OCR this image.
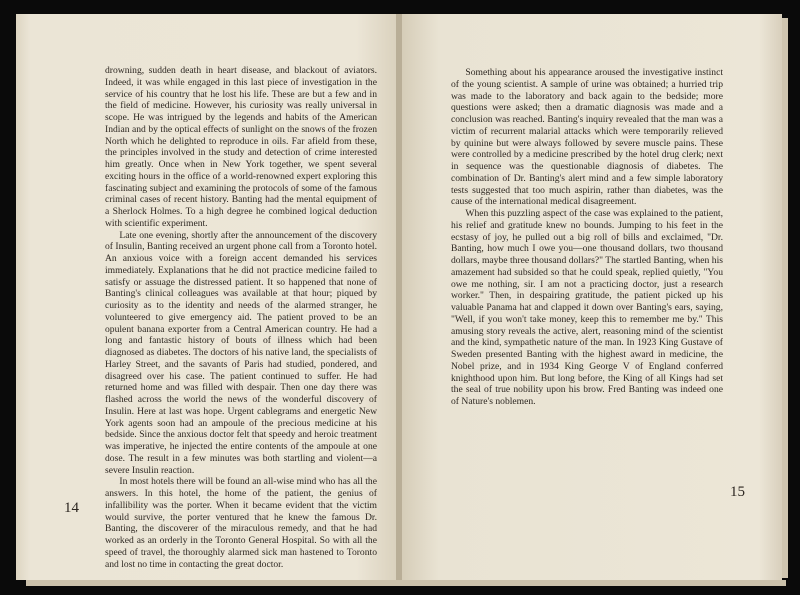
drowning, sudden death in heart disease, and blackout of aviators. Indeed, it was while engaged in this last piece of investigation in the service of his country that he lost his life. These are but a few and in the field of medicine. However, his curiosity was really universal in scope. He was intrigued by the legends and habits of the American Indian and by the optical effects of sunlight on the snows of the frozen North which he delighted to reproduce in oils. Far afield from these, the principles involved in the study and detection of crime interested him greatly. Once when in New York together, we spent several exciting hours in the office of a world-renowned expert exploring this fascinating subject and examining the protocols of some of the famous criminal cases of recent history. Banting had the mental equipment of a Sherlock Holmes. To a high degree he combined logical deduction with scientific experiment.

Late one evening, shortly after the announcement of the discovery of Insulin, Banting received an urgent phone call from a Toronto hotel. An anxious voice with a foreign accent demanded his services immediately. Explanations that he did not practice medicine failed to satisfy or assuage the distressed patient. It so happened that none of Banting's clinical colleagues was available at that hour; piqued by curiosity as to the identity and needs of the alarmed stranger, he volunteered to give emergency aid. The patient proved to be an opulent banana exporter from a Central American country. He had a long and fantastic history of bouts of illness which had been diagnosed as diabetes. The doctors of his native land, the specialists of Harley Street, and the savants of Paris had studied, pondered, and disagreed over his case. The patient continued to suffer. He had returned home and was filled with despair. Then one day there was flashed across the world the news of the wonderful discovery of Insulin. Here at last was hope. Urgent cablegrams and energetic New York agents soon had an ampoule of the precious medicine at his bedside. Since the anxious doctor felt that speedy and heroic treatment was imperative, he injected the entire contents of the ampoule at one dose. The result in a few minutes was both startling and violent—a severe Insulin reaction.

In most hotels there will be found an all-wise mind who has all the answers. In this hotel, the home of the patient, the genius of infallibility was the porter. When it became evident that the victim would survive, the porter ventured that he knew the famous Dr. Banting, the discoverer of the miraculous remedy, and that he had worked as an orderly in the Toronto General Hospital. So with all the speed of travel, the thoroughly alarmed sick man hastened to Toronto and lost no time in contacting the great doctor.

14

Something about his appearance aroused the investigative instinct of the young scientist. A sample of urine was obtained; a hurried trip was made to the laboratory and back again to the bedside; more questions were asked; then a dramatic diagnosis was made and a conclusion was reached. Banting's inquiry revealed that the man was a victim of recurrent malarial attacks which were temporarily relieved by quinine but were always followed by severe muscle pains. These were controlled by a medicine prescribed by the hotel drug clerk; next in sequence was the questionable diagnosis of diabetes. The combination of Dr. Banting's alert mind and a few simple laboratory tests suggested that too much aspirin, rather than diabetes, was the cause of the international medical disagreement.

When this puzzling aspect of the case was explained to the patient, his relief and gratitude knew no bounds. Jumping to his feet in the ecstasy of joy, he pulled out a big roll of bills and exclaimed, "Dr. Banting, how much I owe you—one thousand dollars, two thousand dollars, maybe three thousand dollars?" The startled Banting, when his amazement had subsided so that he could speak, replied quietly, "You owe me nothing, sir. I am not a practicing doctor, just a research worker." Then, in despairing gratitude, the patient picked up his valuable Panama hat and clapped it down over Banting's ears, saying, "Well, if you won't take money, keep this to remember me by." This amusing story reveals the active, alert, reasoning mind of the scientist and the kind, sympathetic nature of the man. In 1923 King Gustave of Sweden presented Banting with the highest award in medicine, the Nobel prize, and in 1934 King George V of England conferred knighthood upon him. But long before, the King of all Kings had set the seal of true nobility upon his brow. Fred Banting was indeed one of Nature's noblemen.

15
